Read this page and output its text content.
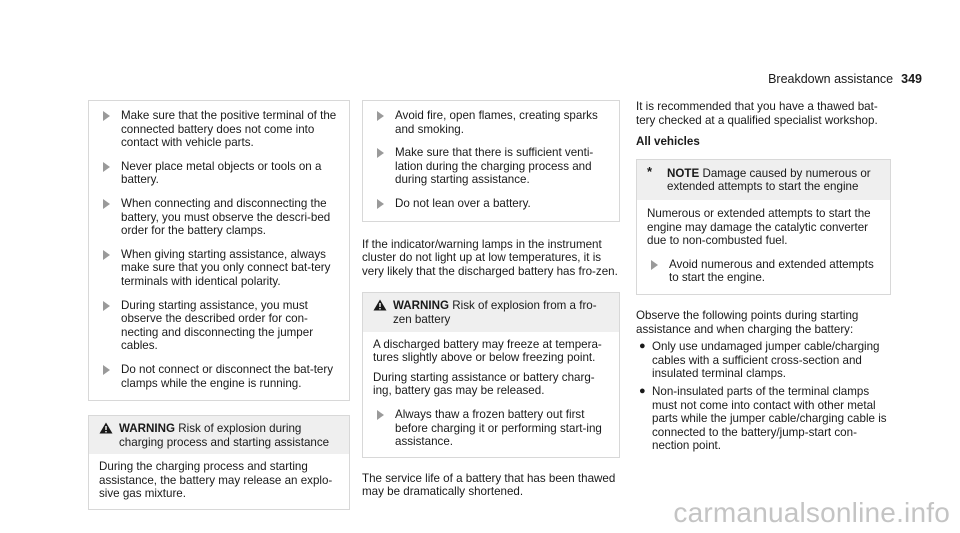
Breakdown assistance 349
Make sure that the positive terminal of the connected battery does not come into contact with vehicle parts.
Never place metal objects or tools on a battery.
When connecting and disconnecting the battery, you must observe the descri-bed order for the battery clamps.
When giving starting assistance, always make sure that you only connect bat-tery terminals with identical polarity.
During starting assistance, you must observe the described order for con-necting and disconnecting the jumper cables.
Do not connect or disconnect the bat-tery clamps while the engine is running.
WARNING Risk of explosion during charging process and starting assistance
During the charging process and starting assistance, the battery may release an explo-sive gas mixture.
Avoid fire, open flames, creating sparks and smoking.
Make sure that there is sufficient venti-lation during the charging process and during starting assistance.
Do not lean over a battery.

If the indicator/warning lamps in the instrument cluster do not light up at low temperatures, it is very likely that the discharged battery has fro-zen.

WARNING Risk of explosion from a fro-zen battery

A discharged battery may freeze at tempera-tures slightly above or below freezing point.

During starting assistance or battery charg-ing, battery gas may be released.

Always thaw a frozen battery out first before charging it or performing start-ing assistance.

The service life of a battery that has been thawed may be dramatically shortened.

It is recommended that you have a thawed bat-tery checked at a qualified specialist workshop.

All vehicles

*	NOTE Damage caused by numerous or extended attempts to start the engine

Numerous or extended attempts to start the engine may damage the catalytic converter due to non-combusted fuel.

Avoid numerous and extended attempts to start the engine.

Observe the following points during starting assistance and when charging the battery:

● Only use undamaged jumper cable/charging cables with a sufficient cross-section and insulated terminal clamps.
● Non-insulated parts of the terminal clamps must not come into contact with other metal parts while the jumper cable/charging cable is connected to the battery/jump-start con-nection point.
carmanualsonline.info
